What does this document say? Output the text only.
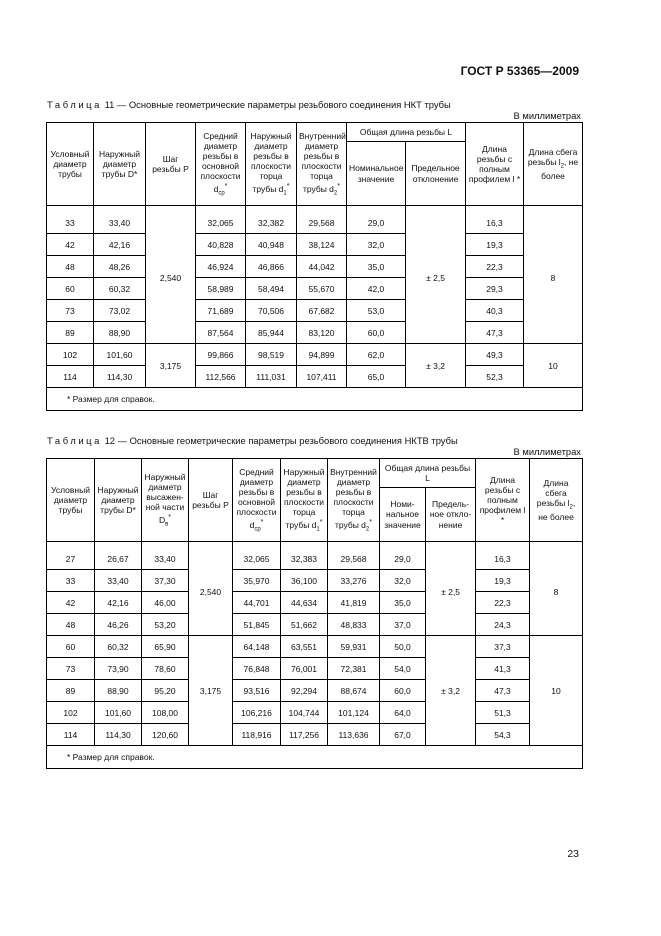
ГОСТ Р 53365—2009
Таблица 11 — Основные геометрические параметры резьбового соединения НКТ трубы
В миллиметрах
Условный диаметр трубы	Наружный диаметр трубы D*	Шаг резьбы P	Средний диаметр резьбы в основной плоскости $d_{ср}^*$	Наружный диаметр резьбы в плоскости торца трубы $d_1^*$	Внутренний диаметр резьбы в плоскости торца трубы $d_2^*$	Общая длина резьбы L		Длина резьбы с полным профилем l *	Длина сбега резьбы $l_2$, не более
						Номинальное значение	Предельное отклонение		

33	33,40	2,540	32,065	32,382	29,568	29,0	± 2,5	16,3	8
42	42,16		40,828	40,948	38,124	32,0		19,3	
48	48,26		46,924	46,866	44,042	35,0		22,3	
60	60,32		58,989	58,494	55,670	42,0		29,3	
73	73,02		71,689	70,506	67,682	53,0		40,3	
89	88,90		87,564	85,944	83,120	60,0		47,3	
102	101,60	3,175	99,866	98,519	94,899	62,0	± 3,2	49,3	10
114	114,30		112,566	111,031	107,411	65,0		52,3	
* Размер для справок.									
Таблица 12 — Основные геометрические параметры резьбового соединения НКТВ трубы
В миллиметрах
Условный диаметр трубы	Наружный диаметр трубы D*	Наружный диаметр высажен-ной части $D_в^*$	Шаг резьбы P	Средний диаметр резьбы в основной плоскости $d_{ср}^*$	Наружный диаметр резьбы в плоскости торца трубы $d_1^*$	Внутренний диаметр резьбы в плоскости торца трубы $d_2^*$	Общая длина резьбы L		Длина резьбы с полным профилем l *	Длина сбега резьбы $l_2$, не более
							Номи-нальное значение	Предель-ное откло-нение		

27	26,67	33,40	2,540	32,065	32,383	29,568	29,0	± 2,5	16,3	8
33	33,40	37,30		35,970	36,100	33,276	32,0		19,3	
42	42,16	46,00		44,701	44,634	41,819	35,0		22,3	
48	46,26	53,20		51,845	51,662	48,833	37,0		24,3	
60	60,32	65,90	3,175	64,148	63,551	59,931	50,0	± 3,2	37,3	10
73	73,90	78,60		76,848	76,001	72,381	54,0		41,3	
89	88,90	95,20		93,516	92,294	88,674	60,0		47,3	
102	101,60	108,00		106,216	104,744	101,124	64,0		51,3	
114	114,30	120,60		118,916	117,256	113,636	67,0		54,3	
* Размер для справок.										
23
